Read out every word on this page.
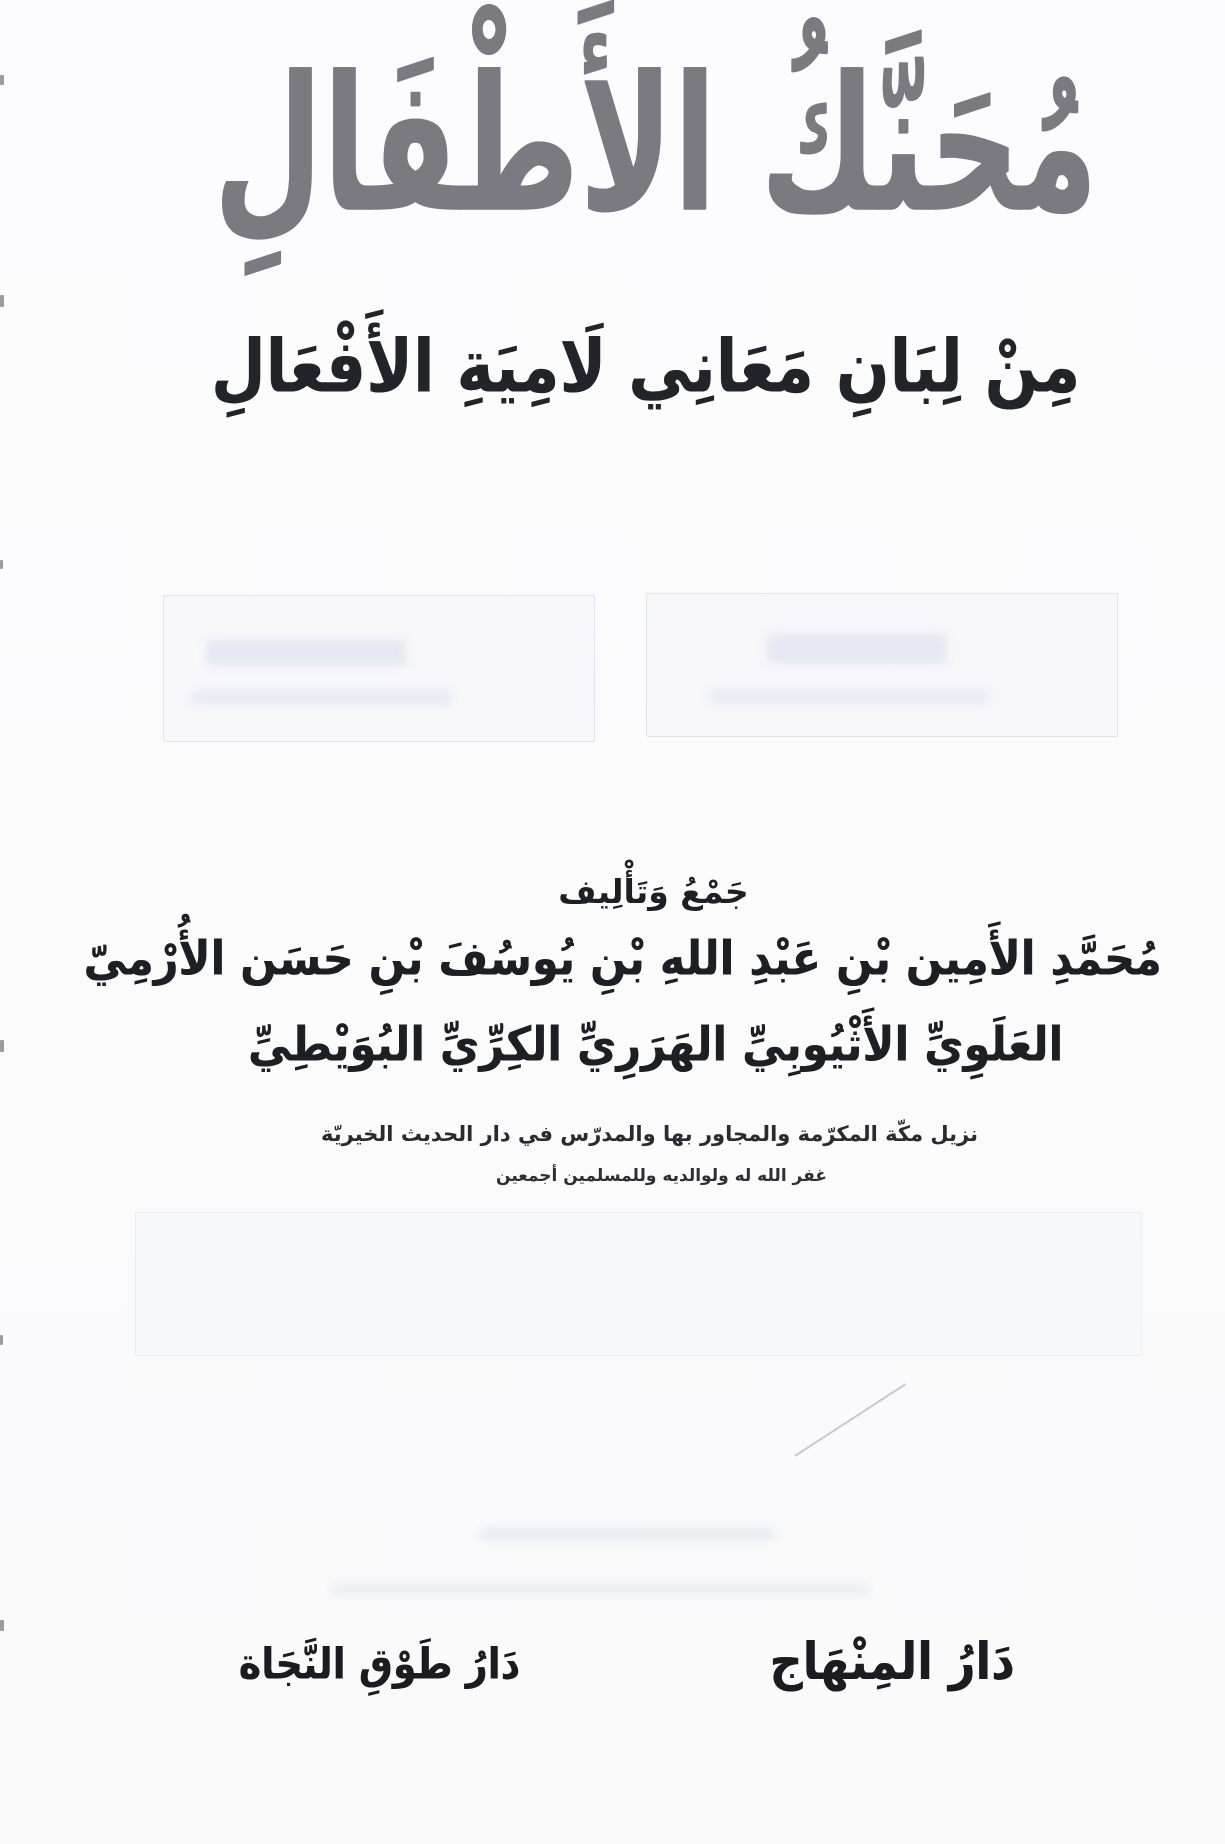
مُحَنَّكُ الأَطْفَالِ
مِنْ لِبَانِ مَعَانِي لَامِيَةِ الأَفْعَالِ
جَمْعُ وَتَأْلِيف
مُحَمَّدِ الأَمِين بْنِ عَبْدِ اللهِ بْنِ يُوسُفَ بْنِ حَسَن الأُرْمِيّ
العَلَوِيِّ الأَثْيُوبِيِّ الهَرَرِيِّ الكِرِّيِّ البُوَيْطِيِّ
نزيل مكّة المكرّمة والمجاور بها والمدرّس في دار الحديث الخيريّة
غفر الله له ولوالديه وللمسلمين أجمعين
دَارُ المِنْهَاج
دَارُ طَوْقِ النَّجَاة
